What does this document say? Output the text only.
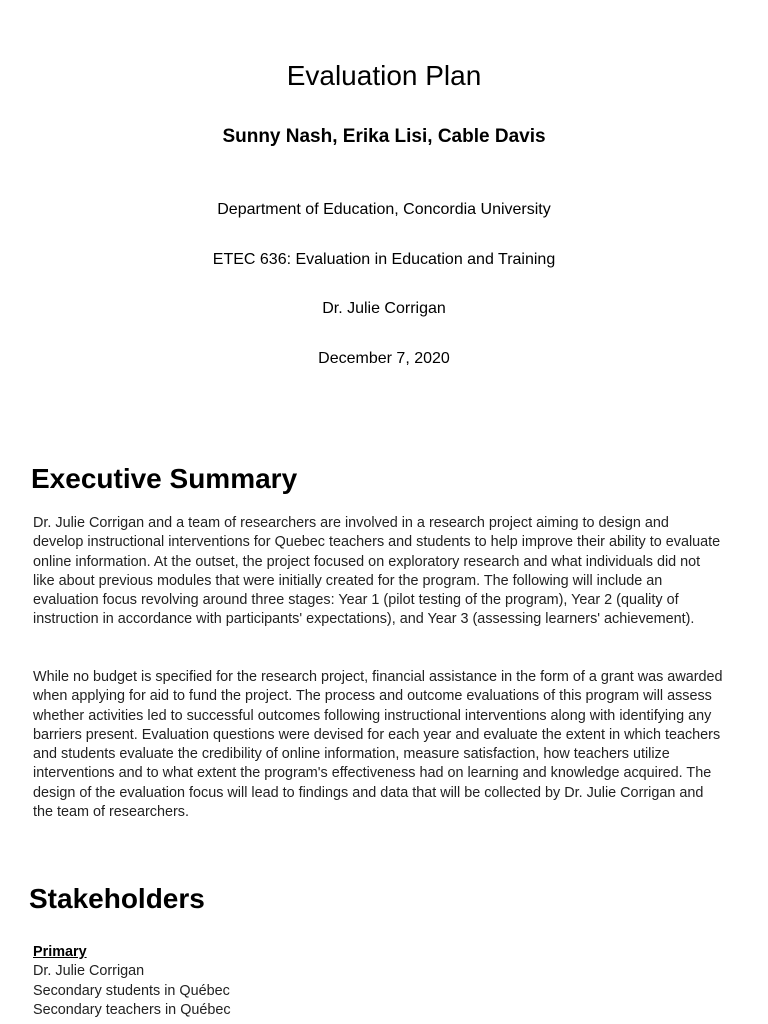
Evaluation Plan
Sunny Nash, Erika Lisi, Cable Davis
Department of Education, Concordia University
ETEC 636: Evaluation in Education and Training
Dr. Julie Corrigan
December 7, 2020
Executive Summary

Dr. Julie Corrigan and a team of researchers are involved in a research project aiming to design and develop instructional interventions for Quebec teachers and students to help improve their ability to evaluate online information. At the outset, the project focused on exploratory research and what individuals did not like about previous modules that were initially created for the program. The following will include an evaluation focus revolving around three stages: Year 1 (pilot testing of the program), Year 2 (quality of instruction in accordance with participants' expectations), and Year 3 (assessing learners' achievement).

While no budget is specified for the research project, financial assistance in the form of a grant was awarded when applying for aid to fund the project. The process and outcome evaluations of this program will assess whether activities led to successful outcomes following instructional interventions along with identifying any barriers present. Evaluation questions were devised for each year and evaluate the extent in which teachers and students evaluate the credibility of online information, measure satisfaction, how teachers utilize interventions and to what extent the program's effectiveness had on learning and knowledge acquired. The design of the evaluation focus will lead to findings and data that will be collected by Dr. Julie Corrigan and the team of researchers.

Stakeholders
Primary
Dr. Julie Corrigan
Secondary students in Québec
Secondary teachers in Québec
